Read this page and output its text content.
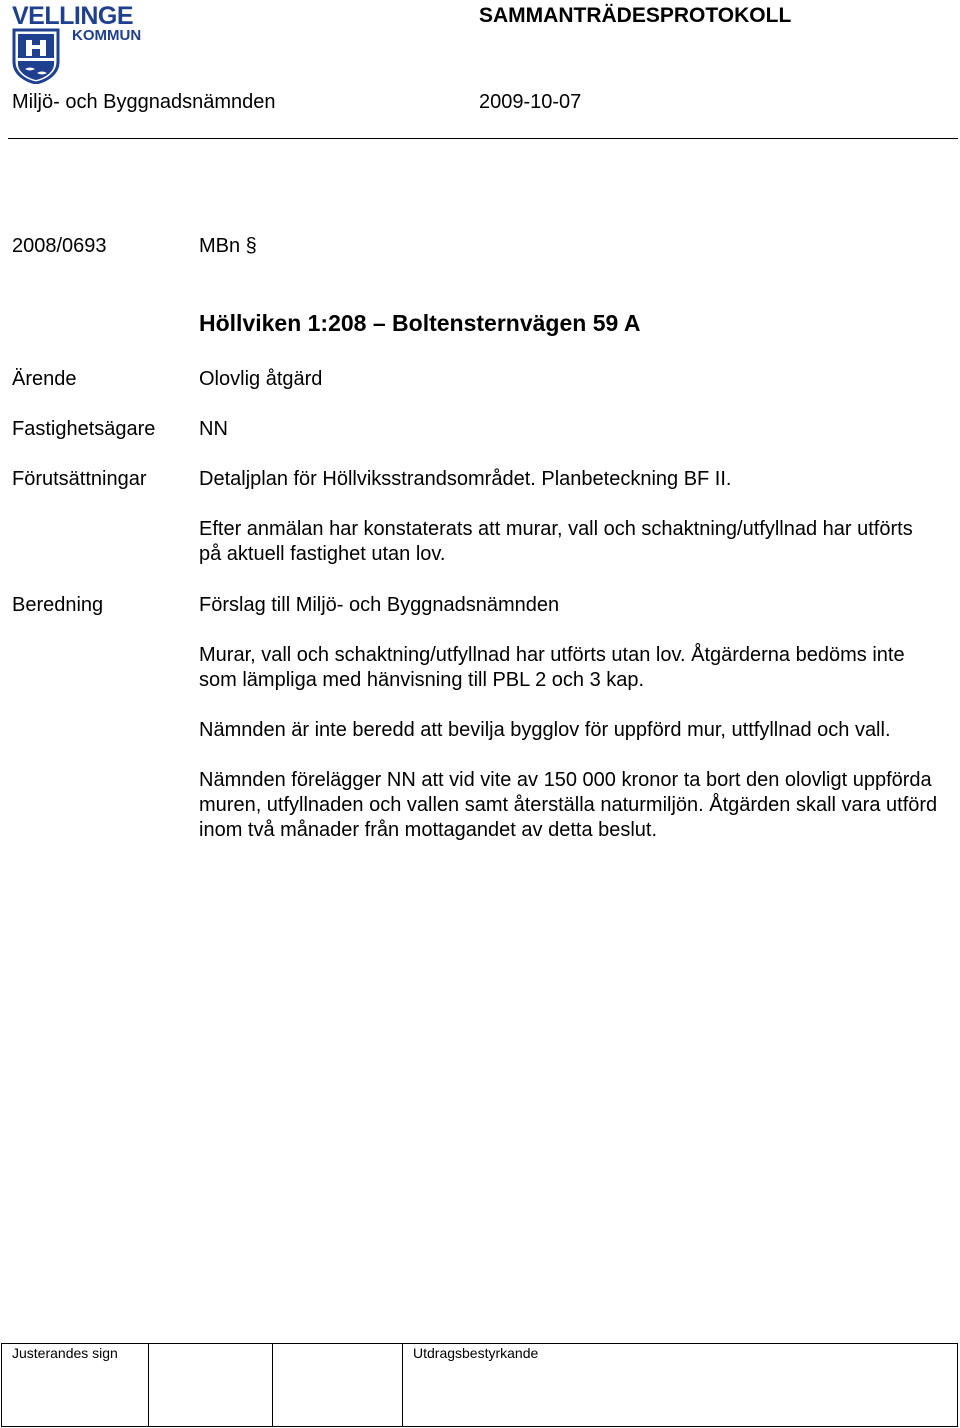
VELLINGE
KOMMUN
SAMMANTRÄDESPROTOKOLL
Miljö- och Byggnadsnämnden	2009-10-07
2008/0693	MBn §
Höllviken 1:208 – Boltensternvägen 59 A
Ärende	Olovlig åtgärd
Fastighetsägare NN
Förutsättningar	Detaljplan för Höllviksstrandsområdet. Planbeteckning BF II.
Efter anmälan har konstaterats att murar, vall och schaktning/utfyllnad har utförts på aktuell fastighet utan lov.
Beredning	Förslag till Miljö- och Byggnadsnämnden
Murar, vall och schaktning/utfyllnad har utförts utan lov. Åtgärderna bedöms inte som lämpliga med hänvisning till PBL 2 och 3 kap.
Nämnden är inte beredd att bevilja bygglov för uppförd mur, uttfyllnad och vall.
Nämnden förelägger NN att vid vite av 150 000 kronor ta bort den olovligt uppförda muren, utfyllnaden och vallen samt återställa naturmiljön. Åtgärden skall vara utförd inom två månader från mottagandet av detta beslut.
Justerandes sign	Utdragsbestyrkande
